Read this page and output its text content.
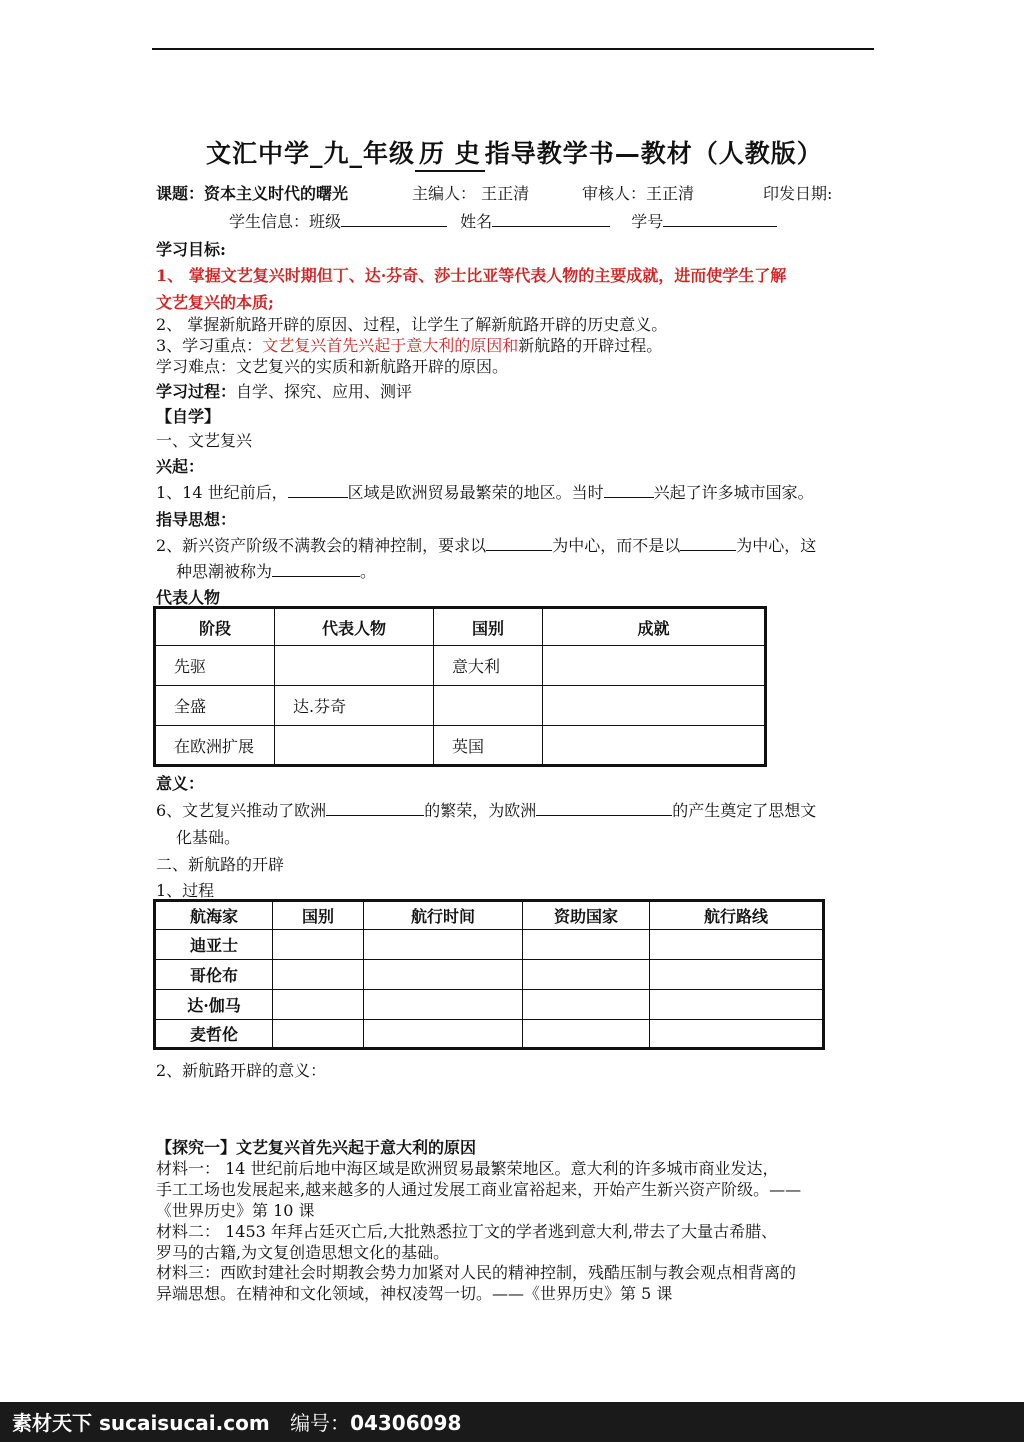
文汇中学_九_年级 历 史 指导教学书—教材（人教版）
课题：资本主义时代的曙光	主编人： 王正清	审核人：王正清	印发日期:
学生信息：班级	姓名	学号
学习目标:
1、 掌握文艺复兴时期但丁、达·芬奇、莎士比亚等代表人物的主要成就，进而使学生了解
文艺复兴的本质;
2、 掌握新航路开辟的原因、过程，让学生了解新航路开辟的历史意义。
3、学习重点：文艺复兴首先兴起于意大利的原因和新航路的开辟过程。
学习难点：文艺复兴的实质和新航路开辟的原因。
学习过程：自学、探究、应用、测评
【自学】
一、文艺复兴
兴起：
1、14 世纪前后，	区域是欧洲贸易最繁荣的地区。当时	兴起了许多城市国家。
指导思想：
2、新兴资产阶级不满教会的精神控制，要求以	为中心，而不是以	为中心，这
种思潮被称为	。
代表人物
阶段	代表人物	国别	成就
先驱		意大利	
全盛	达.芬奇		
在欧洲扩展		英国	
意义：
6、文艺复兴推动了欧洲	的繁荣，为欧洲	的产生奠定了思想文
化基础。
二、新航路的开辟
1、过程
航海家	国别	航行时间	资助国家	航行路线
迪亚士				
哥伦布				
达·伽马				
麦哲伦				
2、新航路开辟的意义：
【探究一】文艺复兴首先兴起于意大利的原因
材料一： 14 世纪前后地中海区域是欧洲贸易最繁荣地区。意大利的许多城市商业发达，
手工工场也发展起来,越来越多的人通过发展工商业富裕起来，开始产生新兴资产阶级。——
《世界历史》第 10 课
材料二： 1453 年拜占廷灭亡后,大批熟悉拉丁文的学者逃到意大利,带去了大量古希腊、
罗马的古籍,为文复创造思想文化的基础。
材料三：西欧封建社会时期教会势力加紧对人民的精神控制，残酷压制与教会观点相背离的
异端思想。在精神和文化领域，神权凌驾一切。——《世界历史》第 5 课
素材天下 sucaisucai.com 编号：04306098
